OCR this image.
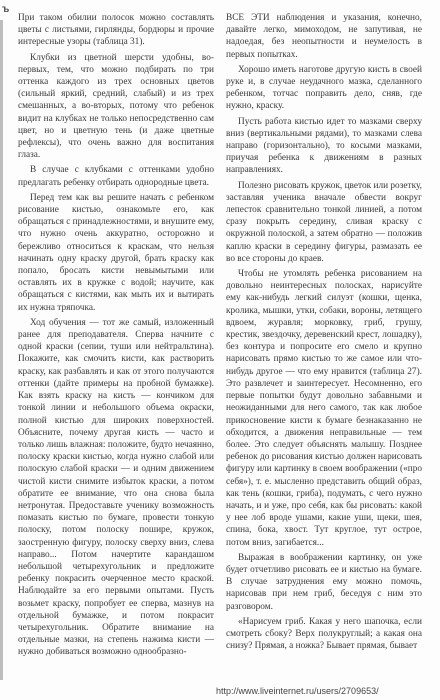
ъ

При таком обилии полосок можно составлять цветы с листьями, гирлянды, бордюры и прочие интересные узоры (таблица 31).

Клубки из цветной шерсти удобны, во-первых, тем, что можно подбирать по три оттенка каждого из трех основных цветов (сильный яркий, средний, слабый) и из трех смешанных, а во-вторых, потому что ребенок видит на клубках не только непосредственно сам цвет, но и цветную тень (и даже цветные рефлексы), что очень важно для воспитания глаза.

В случае с клубками с оттенками удобно предлагать ребенку отбирать однородные цвета.

Перед тем как вы решите начать с ребенком рисование кистью, ознакомьте его, как обращаться с принадлежностями, и внушите ему, что нужно очень аккуратно, осторожно и бережливо относиться к краскам, что нельзя начинать одну краску другой, брать краску как попало, бросать кисти невымытыми или оставлять их в кружке с водой; научите, как обращаться с кистями, как мыть их и вытирать их нужна тряпочка.

Ход обучения — тот же самый, изложенный ранее для преподавателя. Сперва начните с одной краски (сепии, туши или нейтральтина). Покажите, как смочить кисти, как растворить краску, как разбавлять и как от этого получаются оттенки (дайте примеры на пробной бумажке). Как взять краску на кисть — кончиком для тонкой линии и небольшого объема окраски, полной кистью для широких поверхностей. Объясните, почему другая кисть — часто и только лишь влажная: положите, будто нечаянно, полоску краски кистью, когда нужно слабой или полоскую слабой краски — и одним движением чистой кисти снимите избыток краски, а потом обратите ее внимание, что она снова была нетронутая. Предоставьте ученику возможность помазать кистью по бумаге, провести тонкую полоску, потом полоску пошире, кружок, заостренную фигуру, полоску сверху вниз, слева направо... Потом начертите карандашом небольшой четырехугольник и предложите ребенку покрасить очерченное место краской. Наблюдайте за его первыми опытами. Пусть возьмет краску, попробует ее сперва, мазнув на отдельной бумажке, и потом покрасит четырехугольник. Обратите внимание на отдельные мазки, на степень нажима кисти — нужно добиваться возможно однообразно-

ВСЕ ЭТИ наблюдения и указания, конечно, давайте легко, мимоходом, не запутивая, не надоедая, без неопытности и неумелость в первых попытках.

Хорошо иметь наготове другую кисть в своей руке и, в случае неудачного мазка, сделанного ребенком, тотчас поправить дело, сняв, где нужно, краску.

Пусть работа кистью идет то мазками сверху вниз (вертикальными рядами), то мазками слева направо (горизонтально), то косыми мазками, приучая ребенка к движениям в разных направлениях.

Полезно рисовать кружок, цветок или розетку, заставляя ученика вначале обвести вокруг лепесток сравнительно тонкой линией, а потом сразу покрыть середину, сливая краску с окружной полоской, а затем обратно — положив каплю краски в середину фигуры, размазать ее во все стороны до краев.

Чтобы не утомлять ребенка рисованием на довольно неинтересных полосках, нарисуйте ему как-нибудь легкий силуэт (кошки, щенка, кролика, мышки, утки, собаки, вороны, летящего вдвоем, журавля; морковку, гриб, грушу, крестик, звездочку, деревенский крест, лошадку), без контура и попросите его смело и крупно нарисовать прямо кистью то же самое или что-нибудь другое — что ему нравится (таблица 27). Это развлечет и заинтересует. Несомненно, его первые попытки будут довольно забавными и неожиданными для него самого, так как любое прикосновение кисти к бумаге безнаказанно не обходится, а движения неправильные — тем более. Это следует объяснять малышу. Позднее ребенок до рисования кистью должен нарисовать фигуру или картинку в своем воображении («про себя»), т. е. мысленно представить общий образ, как тень (кошки, гриба), подумать, с чего нужно начать, и и уже, про себя, как бы рисовать: какой у нее лоб вроде ушами, какие уши, щеки, шея, спина, бока, хвост. Тут круглое, тут острое, потом вниз, загибается...

Выражая в воображении картинку, он уже будет отчетливо рисовать ее и кистью на бумаге. В случае затруднения ему можно помочь, нарисовав при нем гриб, беседуя с ним это разговором.

«Нарисуем гриб. Какая у него шапочка, если смотреть сбоку? Верх полукруглый; а какая она снизу? Прямая, а ножка? Бывает прямая, бывает

http://www.liveinternet.ru/users/2709653/
